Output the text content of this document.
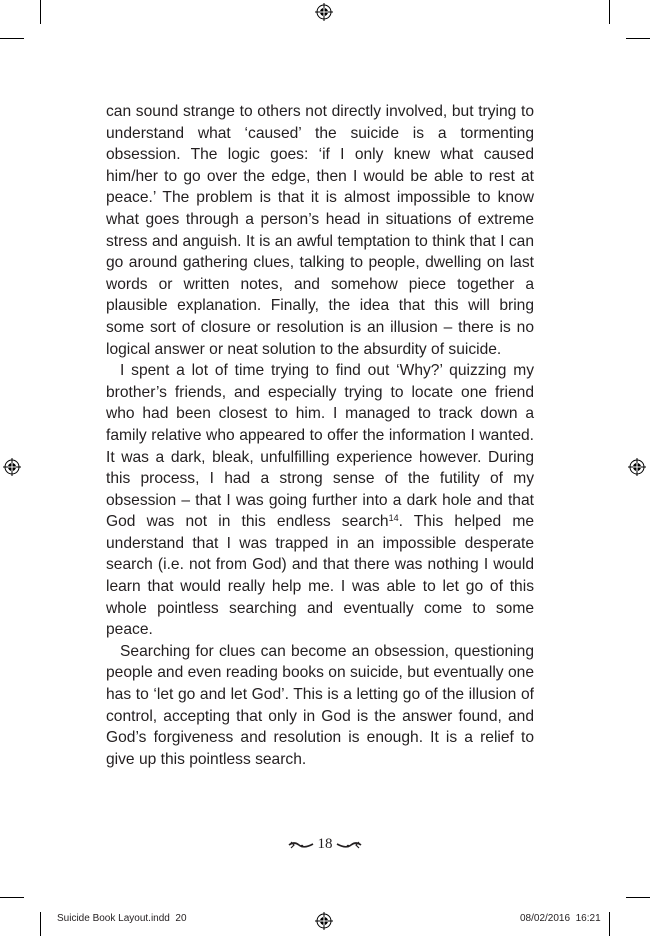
can sound strange to others not directly involved, but trying to understand what ‘caused’ the suicide is a tormenting obsession. The logic goes: ‘if I only knew what caused him/her to go over the edge, then I would be able to rest at peace.’ The problem is that it is almost impossible to know what goes through a person’s head in situations of extreme stress and anguish. It is an awful temptation to think that I can go around gathering clues, talking to people, dwelling on last words or written notes, and somehow piece together a plausible explanation. Finally, the idea that this will bring some sort of closure or resolution is an illusion – there is no logical answer or neat solution to the absurdity of suicide.

I spent a lot of time trying to find out ‘Why?’ quizzing my brother’s friends, and especially trying to locate one friend who had been closest to him. I managed to track down a family relative who appeared to offer the information I wanted. It was a dark, bleak, unfulfilling experience however. During this process, I had a strong sense of the futility of my obsession – that I was going further into a dark hole and that God was not in this endless search$^{14}$. This helped me understand that I was trapped in an impossible desperate search (i.e. not from God) and that there was nothing I would learn that would really help me. I was able to let go of this whole pointless searching and eventually come to some peace.

Searching for clues can become an obsession, questioning people and even reading books on suicide, but eventually one has to ‘let go and let God’. This is a letting go of the illusion of control, accepting that only in God is the answer found, and God’s forgiveness and resolution is enough. It is a relief to give up this pointless search.

18
Suicide Book Layout.indd 20	08/02/2016 16:21
